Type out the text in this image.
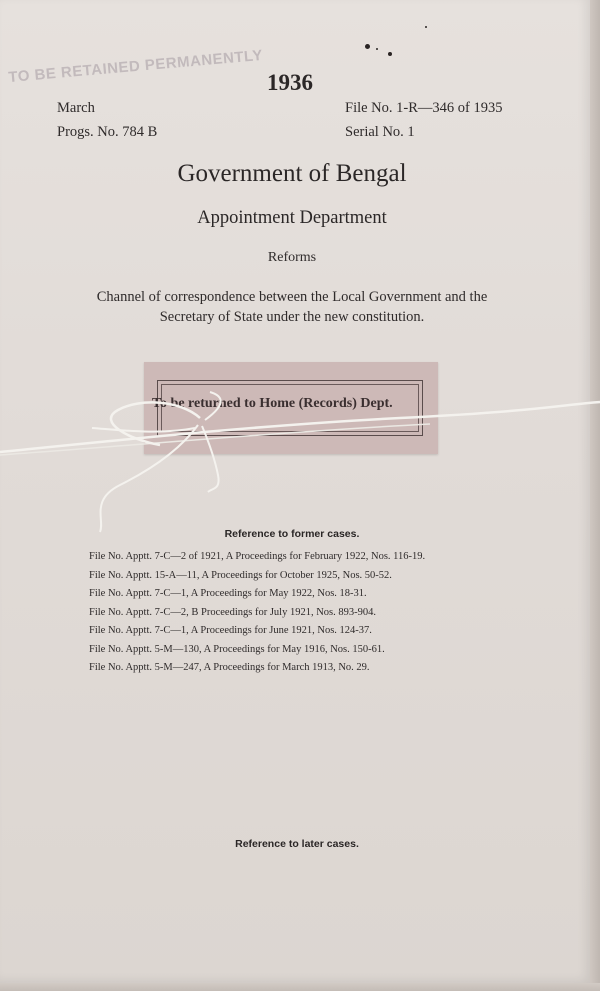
TO BE RETAINED PERMANENTLY 1936
March
Progs. No. 784 B
File No. 1-R—346 of 1935
Serial No. 1
Government of Bengal
Appointment Department
Reforms
Channel of correspondence between the Local Government and the
Secretary of State under the new constitution.
To be returned to Home (Records) Dept.
Reference to former cases.
File No. Apptt. 7-C—2 of 1921, A Proceedings for February 1922, Nos. 116-19.
File No. Apptt. 15-A—11, A Proceedings for October 1925, Nos. 50-52.
File No. Apptt. 7-C—1, A Proceedings for May 1922, Nos. 18-31.
File No. Apptt. 7-C—2, B Proceedings for July 1921, Nos. 893-904.
File No. Apptt. 7-C—1, A Proceedings for June 1921, Nos. 124-37.
File No. Apptt. 5-M—130, A Proceedings for May 1916, Nos. 150-61.
File No. Apptt. 5-M—247, A Proceedings for March 1913, No. 29.
Reference to later cases.
